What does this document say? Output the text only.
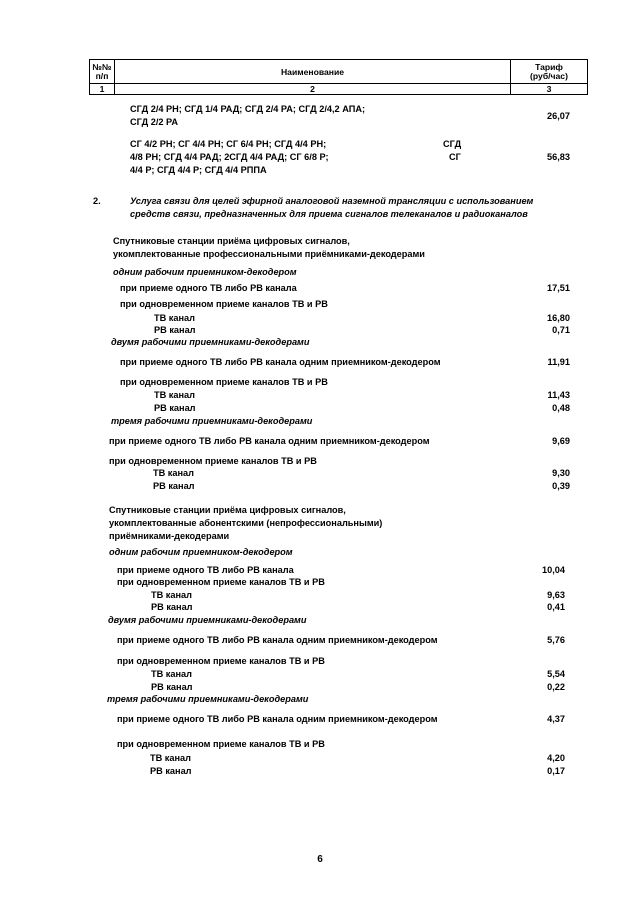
№№
п/п	Наименование	Тариф
(руб/час)
1	2	3
СГД 2/4 РН; СГД 1/4 РАД; СГД 2/4 РА; СГД 2/4,2 АПА;
СГД 2/2 РА
26,07
СГ 4/2 РН; СГ 4/4 РН; СГ 6/4 РН; СГД 4/4 РН;	СГД
4/8 РН; СГД 4/4 РАД; 2СГД 4/4 РАД; СГ 6/8 Р;	СГ
4/4 Р; СГД 4/4 Р; СГД 4/4 РППА
56,83
2.	Услуга связи для целей эфирной аналоговой наземной трансляции с использованием
средств связи, предназначенных для приема сигналов телеканалов и радиоканалов
Спутниковые станции приёма цифровых сигналов,
укомплектованные профессиональными приёмниками-декодерами
одним рабочим приемником-декодером
при приеме одного ТВ либо РВ канала	17,51
при одновременном приеме каналов ТВ и РВ
ТВ канал	16,80
РВ канал	0,71
двумя рабочими приемниками-декодерами
при приеме одного ТВ либо РВ канала одним приемником-декодером	11,91
при одновременном приеме каналов ТВ и РВ
ТВ канал	11,43
РВ канал	0,48
тремя рабочими приемниками-декодерами
при приеме одного ТВ либо РВ канала одним приемником-декодером	9,69
при одновременном приеме каналов ТВ и РВ
ТВ канал	9,30
РВ канал	0,39
Спутниковые станции приёма цифровых сигналов,
укомплектованные абонентскими (непрофессиональными)
приёмниками-декодерами
одним рабочим приемником-декодером
при приеме одного ТВ либо РВ канала	10,04
при одновременном приеме каналов ТВ и РВ
ТВ канал	9,63
РВ канал	0,41
двумя рабочими приемниками-декодерами
при приеме одного ТВ либо РВ канала одним приемником-декодером	5,76
при одновременном приеме каналов ТВ и РВ
ТВ канал	5,54
РВ канал	0,22
тремя рабочими приемниками-декодерами
при приеме одного ТВ либо РВ канала одним приемником-декодером	4,37
при одновременном приеме каналов ТВ и РВ
ТВ канал	4,20
РВ канал	0,17
6
